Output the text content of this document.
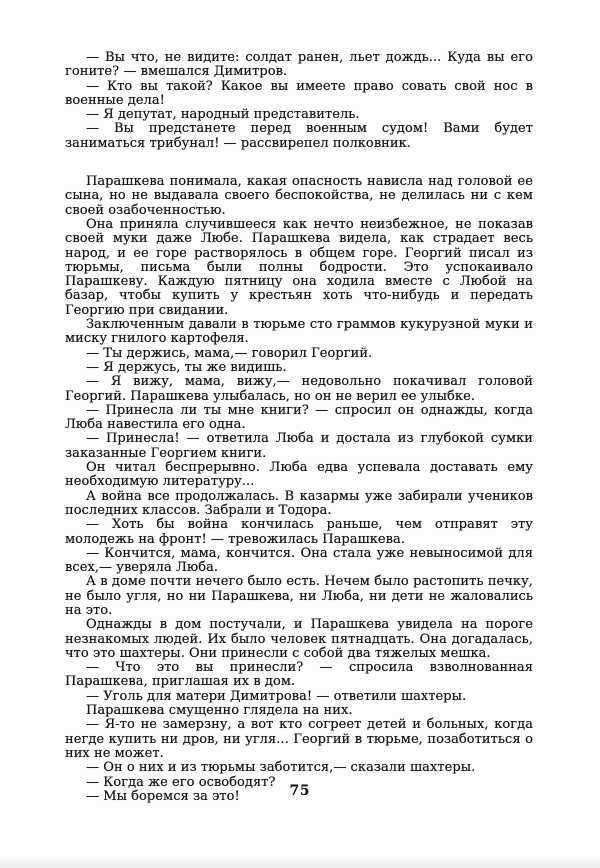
— Вы что, не видите: солдат ранен, льет дождь... Куда вы его гоните? — вмешался Димитров.

— Кто вы такой? Какое вы имеете право совать свой нос в военные дела!

— Я депутат, народный представитель.

— Вы предстанете перед военным судом! Вами будет заниматься трибунал! — рассвирепел полковник.

Парашкева понимала, какая опасность нависла над головой ее сына, но не выдавала своего беспокойства, не делилась ни с кем своей озабоченностью.

Она приняла случившееся как нечто неизбежное, не показав своей муки даже Любе. Парашкева видела, как страдает весь народ, и ее горе растворялось в общем горе. Георгий писал из тюрьмы, письма были полны бодрости. Это успокаивало Парашкеву. Каждую пятницу она ходила вместе с Любой на базар, чтобы купить у крестьян хоть что-нибудь и передать Георгию при свидании.

Заключенным давали в тюрьме сто граммов кукурузной муки и миску гнилого картофеля.

— Ты держись, мама,— говорил Георгий.

— Я держусь, ты же видишь.

— Я вижу, мама, вижу,— недовольно покачивал головой Георгий. Парашкева улыбалась, но он не верил ее улыбке.

— Принесла ли ты мне книги? — спросил он однажды, когда Люба навестила его одна.

— Принесла! — ответила Люба и достала из глубокой сумки заказанные Георгием книги.

Он читал беспрерывно. Люба едва успевала доставать ему необходимую литературу...

А война все продолжалась. В казармы уже забирали учеников последних классов. Забрали и Тодора.

— Хоть бы война кончилась раньше, чем отправят эту молодежь на фронт! — тревожилась Парашкева.

— Кончится, мама, кончится. Она стала уже невыносимой для всех,— уверяла Люба.

А в доме почти нечего было есть. Нечем было растопить печку, не было угля, но ни Парашкева, ни Люба, ни дети не жаловались на это.

Однажды в дом постучали, и Парашкева увидела на пороге незнакомых людей. Их было человек пятнадцать. Она догадалась, что это шахтеры. Они принесли с собой два тяжелых мешка.

— Что это вы принесли? — спросила взволнованная Парашкева, приглашая их в дом.

— Уголь для матери Димитрова! — ответили шахтеры.

Парашкева смущенно глядела на них.

— Я-то не замерзну, а вот кто согреет детей и больных, когда негде купить ни дров, ни угля... Георгий в тюрьме, позаботиться о них не может.

— Он о них и из тюрьмы заботится,— сказали шахтеры.

— Когда же его освободят?

— Мы боремся за это!	75
